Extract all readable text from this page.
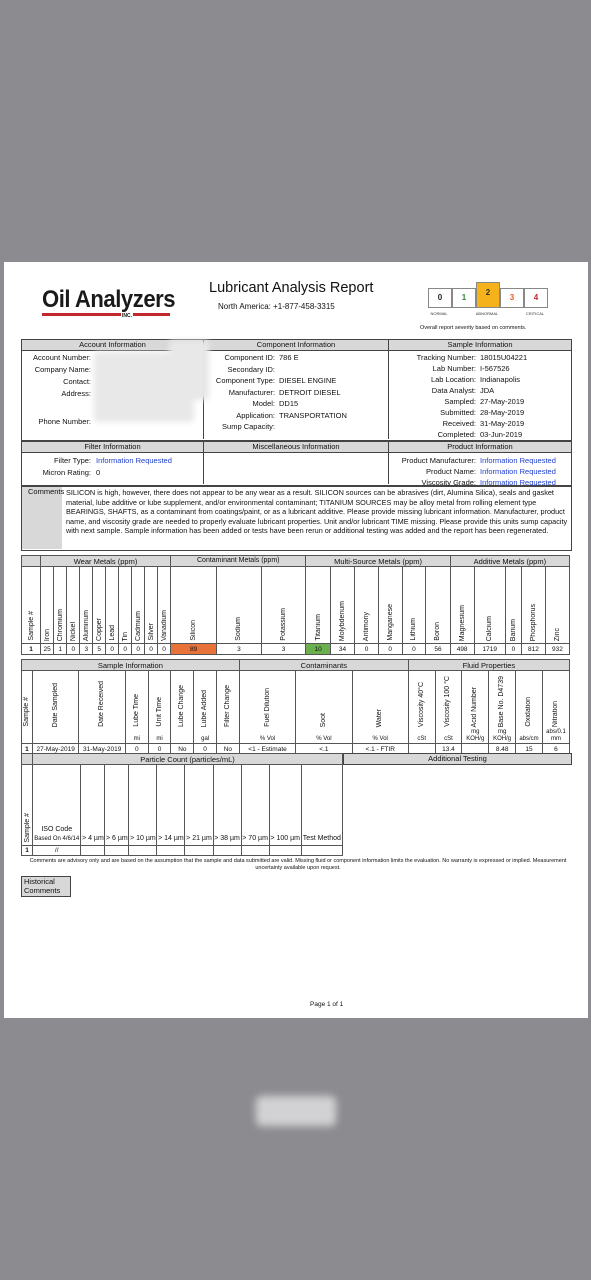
Oil Analyzers
INC.
Lubricant Analysis Report
North America: +1-877-458-3315
0
NORMAL
1
2
ABNORMAL
3	4
CRITICAL
Overall report severity based on comments.
Account Information	Component Information	Sample Information
Account Number:
Company Name:
Contact:
Address:
Phone Number:
Component ID: 786 E
Secondary ID:
Component Type: DIESEL ENGINE
Manufacturer: DETROIT DIESEL
Model: DD15
Application: TRANSPORTATION
Sump Capacity:
Tracking Number: 18015U04221
Lab Number: I-567526
Lab Location: Indianapolis
Data Analyst: JDA
Sampled: 27-May-2019
Submitted: 28-May-2019
Received: 31-May-2019
Completed: 03-Jun-2019
Filter Information	Miscellaneous Information	Product Information
Filter Type: Information Requested
Micron Rating: 0
Product Manufacturer: Information Requested
Product Name: Information Requested
Viscosity Grade: Information Requested
Comments SILICON is high, however, there does not appear to be any wear as a result. SILICON sources can be abrasives (dirt, Alumina Silica), seals and gasket material, lube additive or lube supplement, and/or environmental contaminant; TITANIUM SOURCES may be alloy metal from rolling element type BEARINGS, SHAFTS, as a contaminant from coatings/paint, or as a lubricant additive. Please provide missing lubricant information. Manufacturer, product name, and viscosity grade are needed to properly evaluate lubricant properties. Unit and/or lubricant TIME missing. Please provide this units sump capacity with next sample. Sample information has been added or tests have been rerun or additional testing was added and the report has been regenerated.
	Wear Metals (ppm)										Contaminant Metals (ppm)			Multi-Source Metals (ppm)						Additive Metals (ppm)				

Sample #	Iron	Chromium	Nickel	Aluminum	Copper	Lead	Tin	Cadmium	Silver	Vanadium	Silicon	Sodium	Potassium	Titanium	Molybdenum	Antimony	Manganese	Lithium	Boron	Magnesium	Calcium	Barium	Phosphorus	Zinc

1	25	1	0	3	5	0	0	0	0	0	89	3	3	10	34	0	0	0	56	498	1719	0	812	932
Sample Information								Contaminants			Fluid Properties					

Sample #	Date Sampled	Date Received	Lube Time	Unit Time	Lube Change	Lube Added	Filter Change	Fuel Dilution	Soot	Water	Viscosity 40°C	Viscosity 100 °C	Acid Number	Base No. D4739	Oxidation	Nitration

			mi	mi		gal		% Vol	% Vol	% Vol	cSt	cSt	mg KOH/g	mg KOH/g	abs/cm	abs/0.1 mm
1	27-May-2019	31-May-2019	0	0	No	0	No	<1 - Estimate	<.1	<.1 - FTIR		13.4		8.48	15	6
	Particle Count (particles/mL)									

Sample #	ISO Code
Based On 4/6/14	> 4 µm	> 6 µm	> 10 µm	> 14 µm	> 21 µm	> 38 µm	> 70 µm	> 100 µm	Test Method

1	//									
Additional Testing
Comments are advisory only and are based on the assumption that the sample and data submitted are valid. Missing fluid or component information limits the evaluation. No warranty is expressed or implied. Measurement uncertainty available upon request.
Historical Comments
Page 1 of 1
